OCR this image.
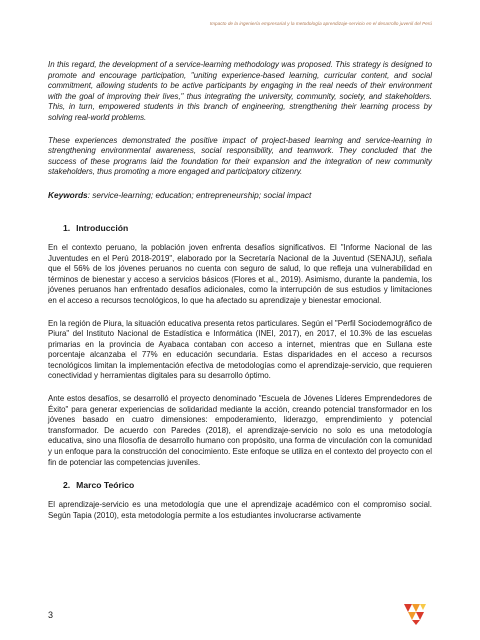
Impacto de la ingeniería empresarial y la metodología aprendizaje-servicio en el desarrollo juvenil del Perú

In this regard, the development of a service-learning methodology was proposed. This strategy is designed to promote and encourage participation, "uniting experience-based learning, curricular content, and social commitment, allowing students to be active participants by engaging in the real needs of their environment with the goal of improving their lives," thus integrating the university, community, society, and stakeholders. This, in turn, empowered students in this branch of engineering, strengthening their learning process by solving real-world problems.

These experiences demonstrated the positive impact of project-based learning and service-learning in strengthening environmental awareness, social responsibility, and teamwork. They concluded that the success of these programs laid the foundation for their expansion and the integration of new community stakeholders, thus promoting a more engaged and participatory citizenry.

Keywords: service-learning; education; entrepreneurship; social impact

1. Introducción

En el contexto peruano, la población joven enfrenta desafíos significativos. El "Informe Nacional de las Juventudes en el Perú 2018-2019", elaborado por la Secretaría Nacional de la Juventud (SENAJU), señala que el 56% de los jóvenes peruanos no cuenta con seguro de salud, lo que refleja una vulnerabilidad en términos de bienestar y acceso a servicios básicos (Flores et al., 2019). Asimismo, durante la pandemia, los jóvenes peruanos han enfrentado desafíos adicionales, como la interrupción de sus estudios y limitaciones en el acceso a recursos tecnológicos, lo que ha afectado su aprendizaje y bienestar emocional.

En la región de Piura, la situación educativa presenta retos particulares. Según el "Perfil Sociodemográfico de Piura" del Instituto Nacional de Estadística e Informática (INEI, 2017), en 2017, el 10.3% de las escuelas primarias en la provincia de Ayabaca contaban con acceso a internet, mientras que en Sullana este porcentaje alcanzaba el 77% en educación secundaria. Estas disparidades en el acceso a recursos tecnológicos limitan la implementación efectiva de metodologías como el aprendizaje-servicio, que requieren conectividad y herramientas digitales para su desarrollo óptimo.

Ante estos desafíos, se desarrolló el proyecto denominado "Escuela de Jóvenes Líderes Emprendedores de Éxito" para generar experiencias de solidaridad mediante la acción, creando potencial transformador en los jóvenes basado en cuatro dimensiones: empoderamiento, liderazgo, emprendimiento y potencial transformador. De acuerdo con Paredes (2018), el aprendizaje-servicio no solo es una metodología educativa, sino una filosofía de desarrollo humano con propósito, una forma de vinculación con la comunidad y un enfoque para la construcción del conocimiento. Este enfoque se utiliza en el contexto del proyecto con el fin de potenciar las competencias juveniles.

2. Marco Teórico

El aprendizaje-servicio es una metodología que une el aprendizaje académico con el compromiso social. Según Tapia (2010), esta metodología permite a los estudiantes involucrarse activamente

3
